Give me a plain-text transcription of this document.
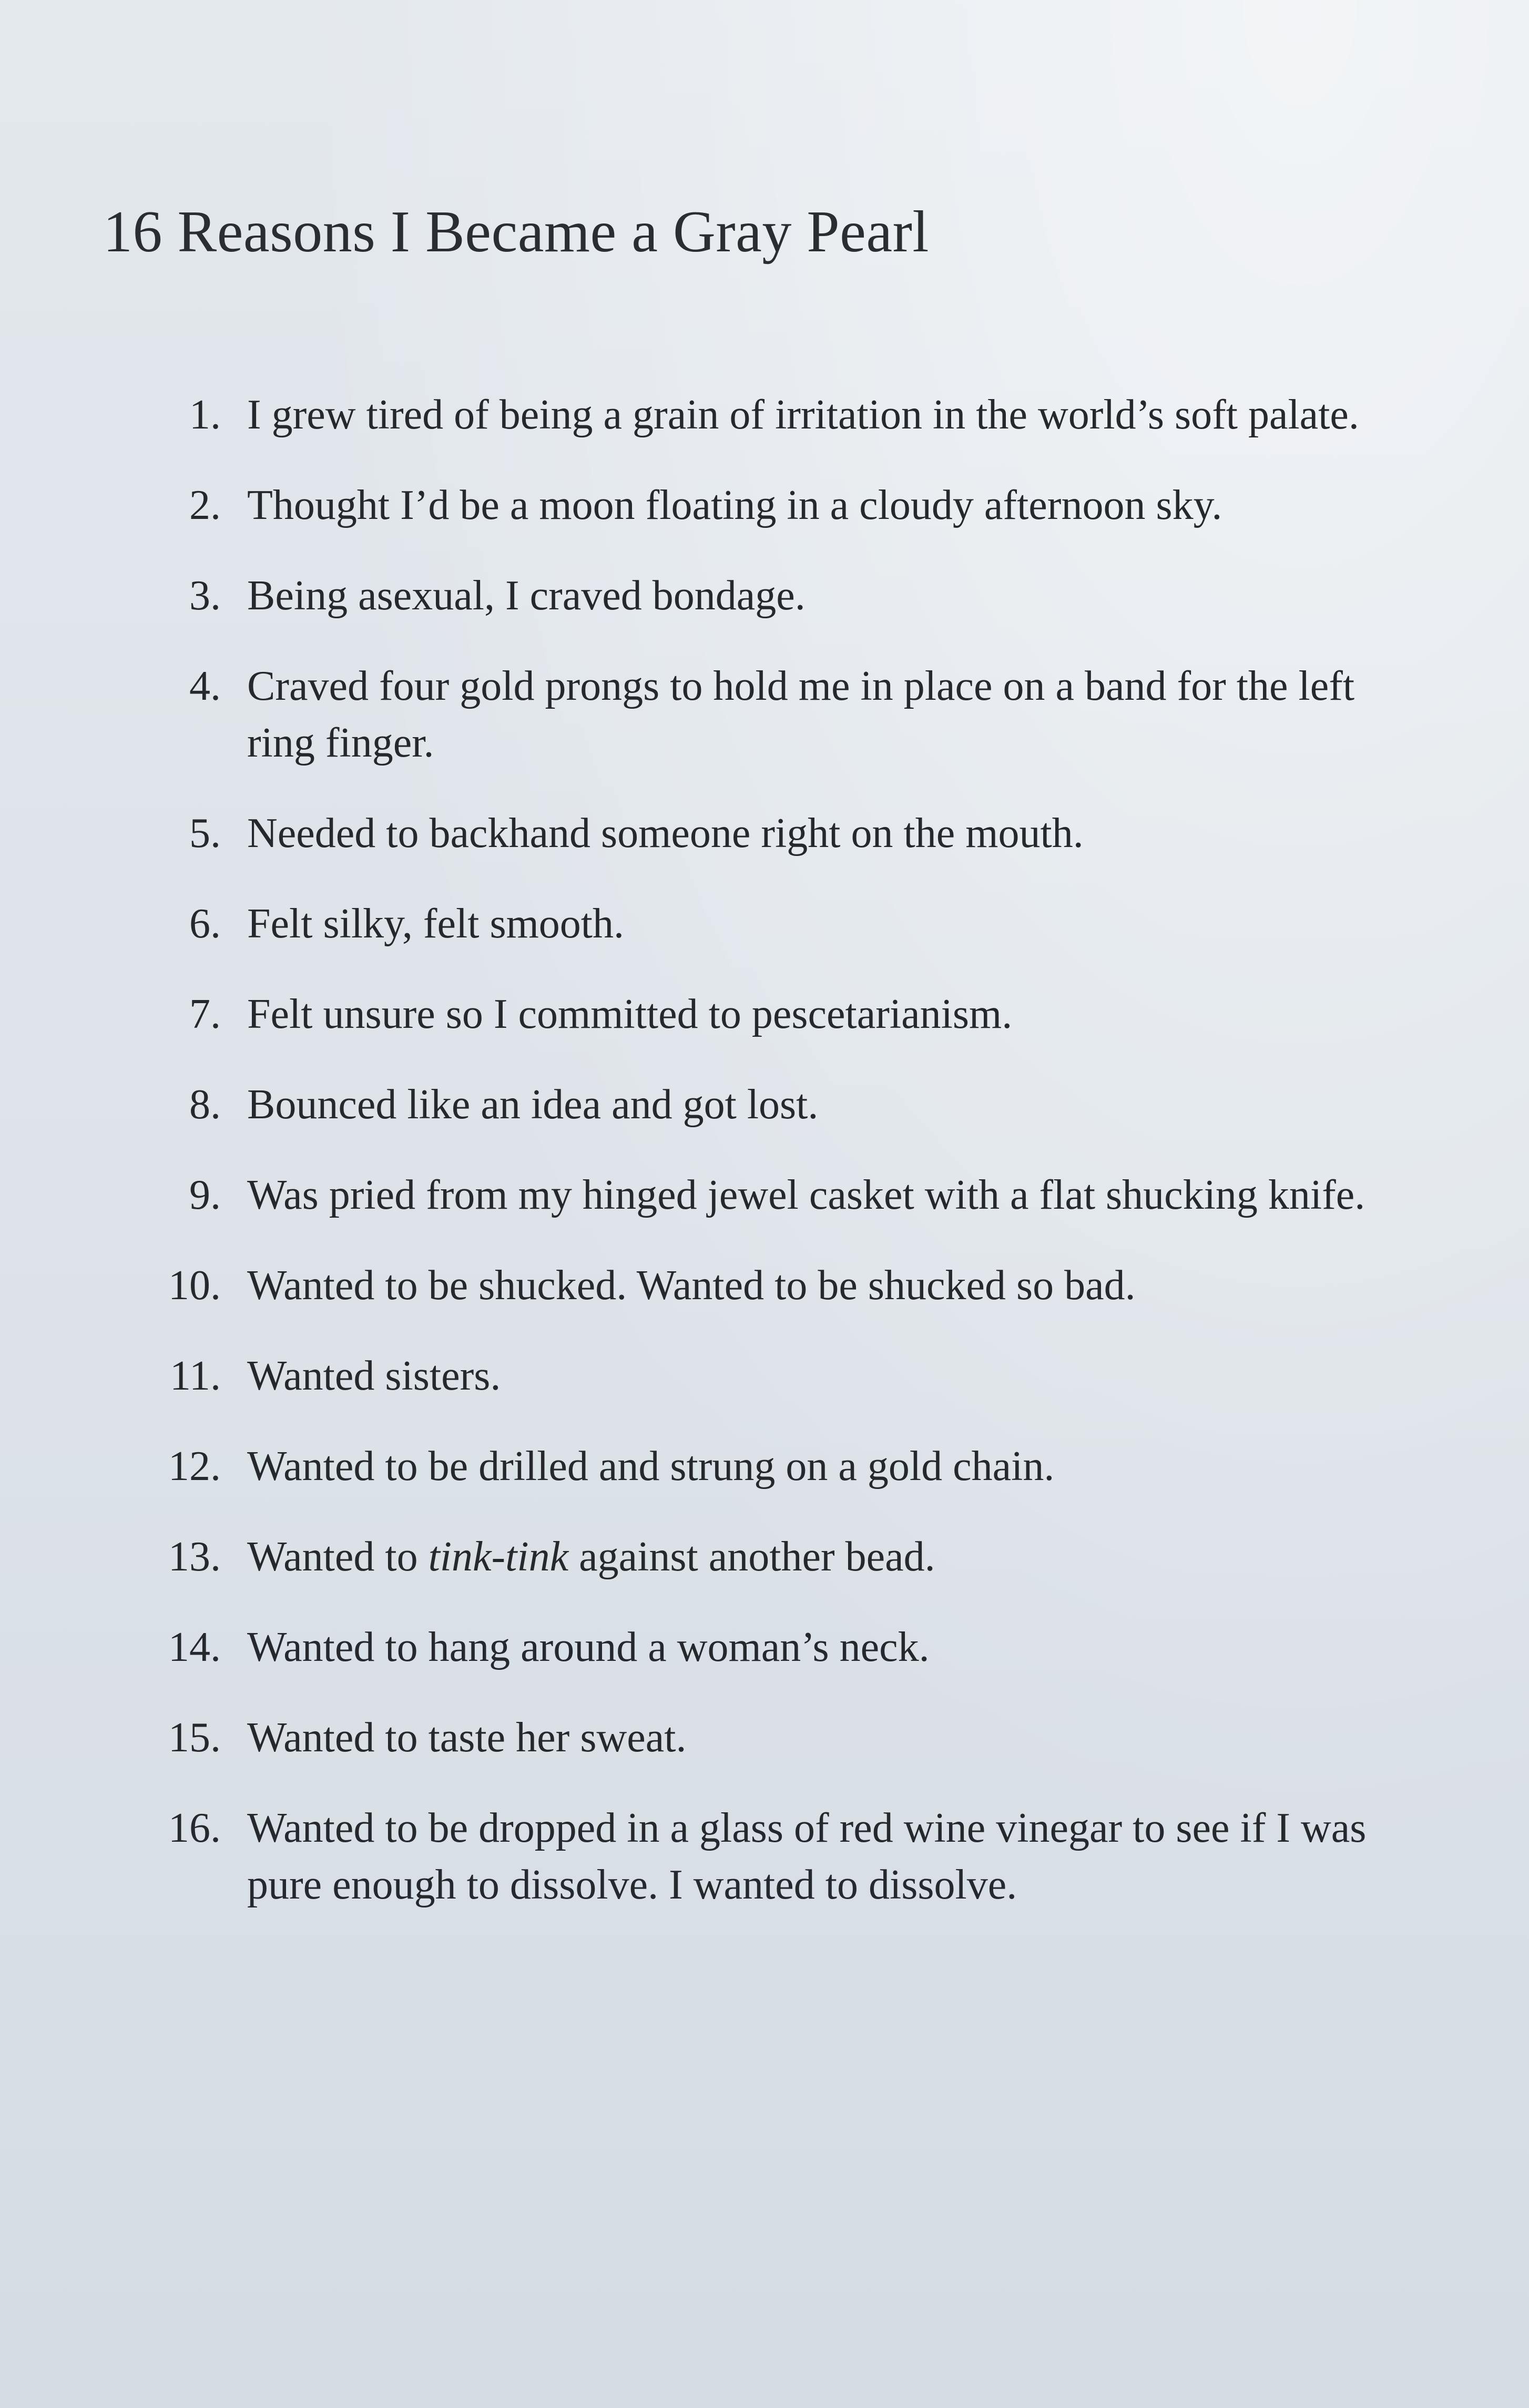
16 Reasons I Became a Gray Pearl
1. I grew tired of being a grain of irritation in the world’s soft palate.
2. Thought I’d be a moon floating in a cloudy afternoon sky.
3. Being asexual, I craved bondage.
4. Craved four gold prongs to hold me in place on a band for the left ring finger.
5. Needed to backhand someone right on the mouth.
6. Felt silky, felt smooth.
7. Felt unsure so I committed to pescetarianism.
8. Bounced like an idea and got lost.
9. Was pried from my hinged jewel casket with a flat shucking knife.
10. Wanted to be shucked. Wanted to be shucked so bad.
11. Wanted sisters.
12. Wanted to be drilled and strung on a gold chain.
13. Wanted to tink-tink against another bead.
14. Wanted to hang around a woman’s neck.
15. Wanted to taste her sweat.
16. Wanted to be dropped in a glass of red wine vinegar to see if I was pure enough to dissolve. I wanted to dissolve.
